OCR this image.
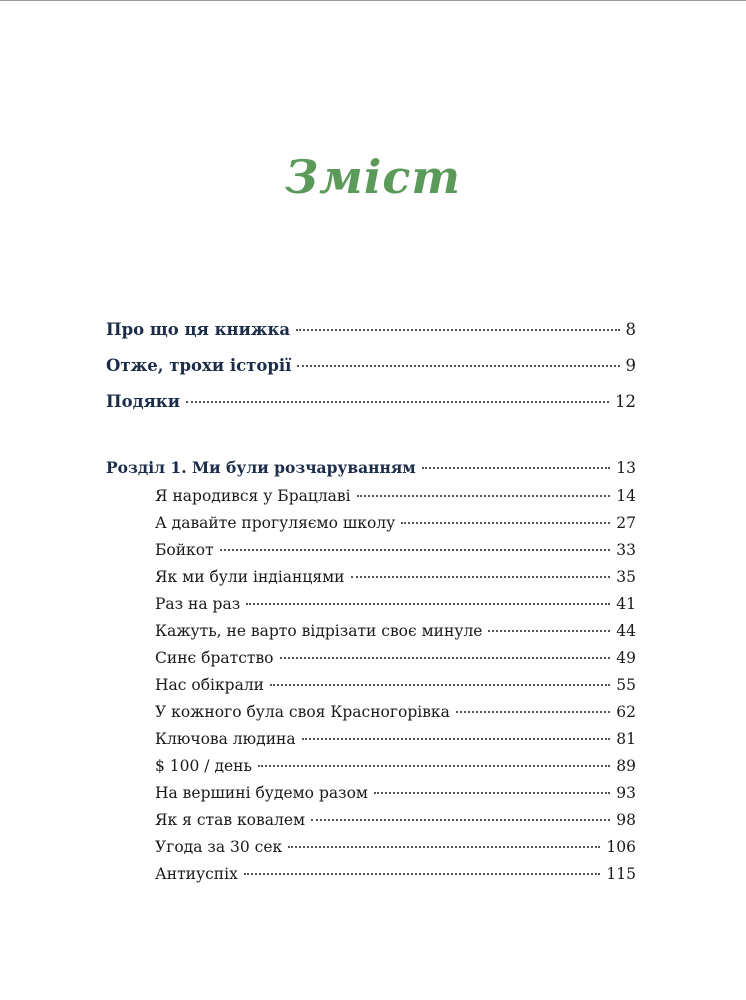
Зміст
Про що ця книжка	8
Отже, трохи історії	9
Подяки	12
Розділ 1. Ми були розчаруванням	13
Я народився у Брацлаві	14
А давайте прогуляємо школу	27
Бойкот	33
Як ми були індіанцями	35
Раз на раз	41
Кажуть, не варто відрізати своє минуле	44
Синє братство	49
Нас обікрали	55
У кожного була своя Красногорівка	62
Ключова людина	81
$ 100 / день	89
На вершині будемо разом	93
Як я став ковалем	98
Угода за 30 сек	106
Антиуспіх	115
